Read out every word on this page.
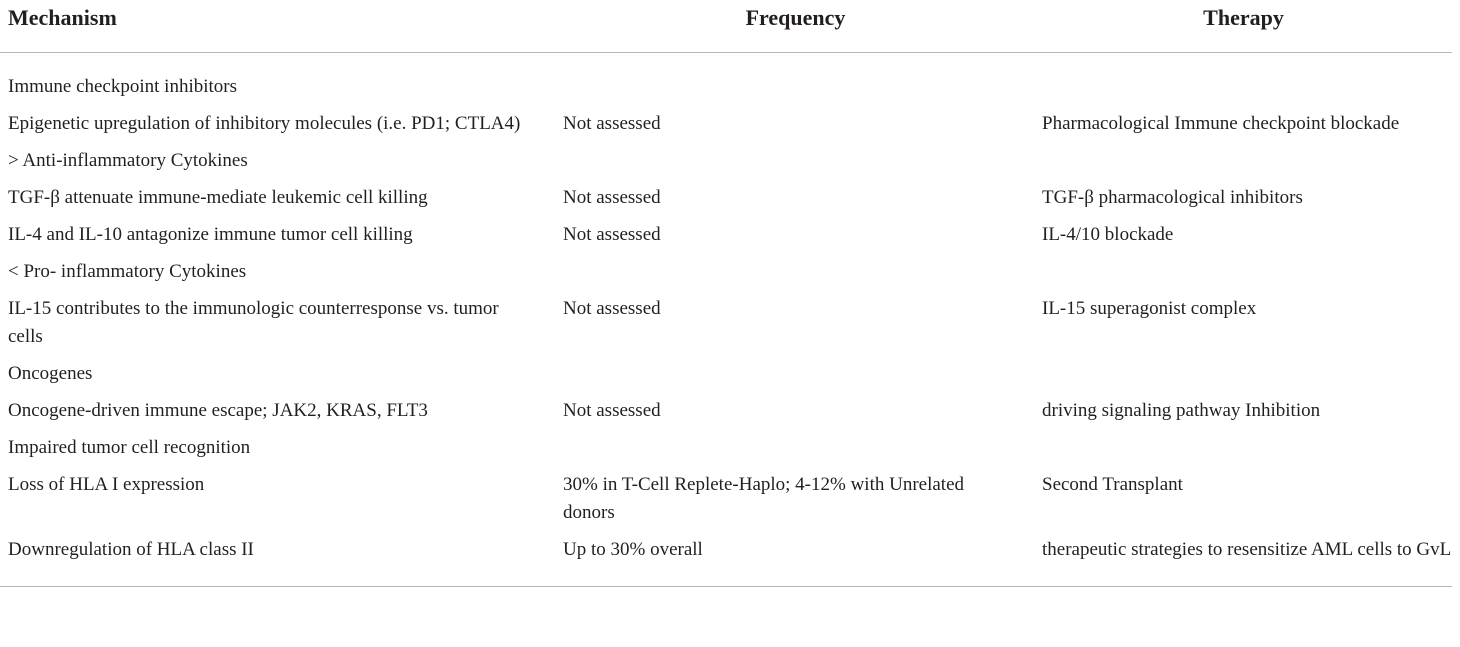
Mechanism	Frequency	Therapy
Immune checkpoint inhibitors		
Epigenetic upregulation of inhibitory molecules (i.e. PD1; CTLA4)	Not assessed	Pharmacological Immune checkpoint blockade
> Anti-inflammatory Cytokines		
TGF-β attenuate immune-mediate leukemic cell killing	Not assessed	TGF-β pharmacological inhibitors
IL-4 and IL-10 antagonize immune tumor cell killing	Not assessed	IL-4/10 blockade
< Pro- inflammatory Cytokines		
IL-15 contributes to the immunologic counterresponse vs. tumor cells	Not assessed	IL-15 superagonist complex
Oncogenes		
Oncogene-driven immune escape; JAK2, KRAS, FLT3	Not assessed	driving signaling pathway Inhibition
Impaired tumor cell recognition		
Loss of HLA I expression	30% in T-Cell Replete-Haplo; 4-12% with Unrelated donors	Second Transplant
Downregulation of HLA class II	Up to 30% overall	therapeutic strategies to resensitize AML cells to GvL
